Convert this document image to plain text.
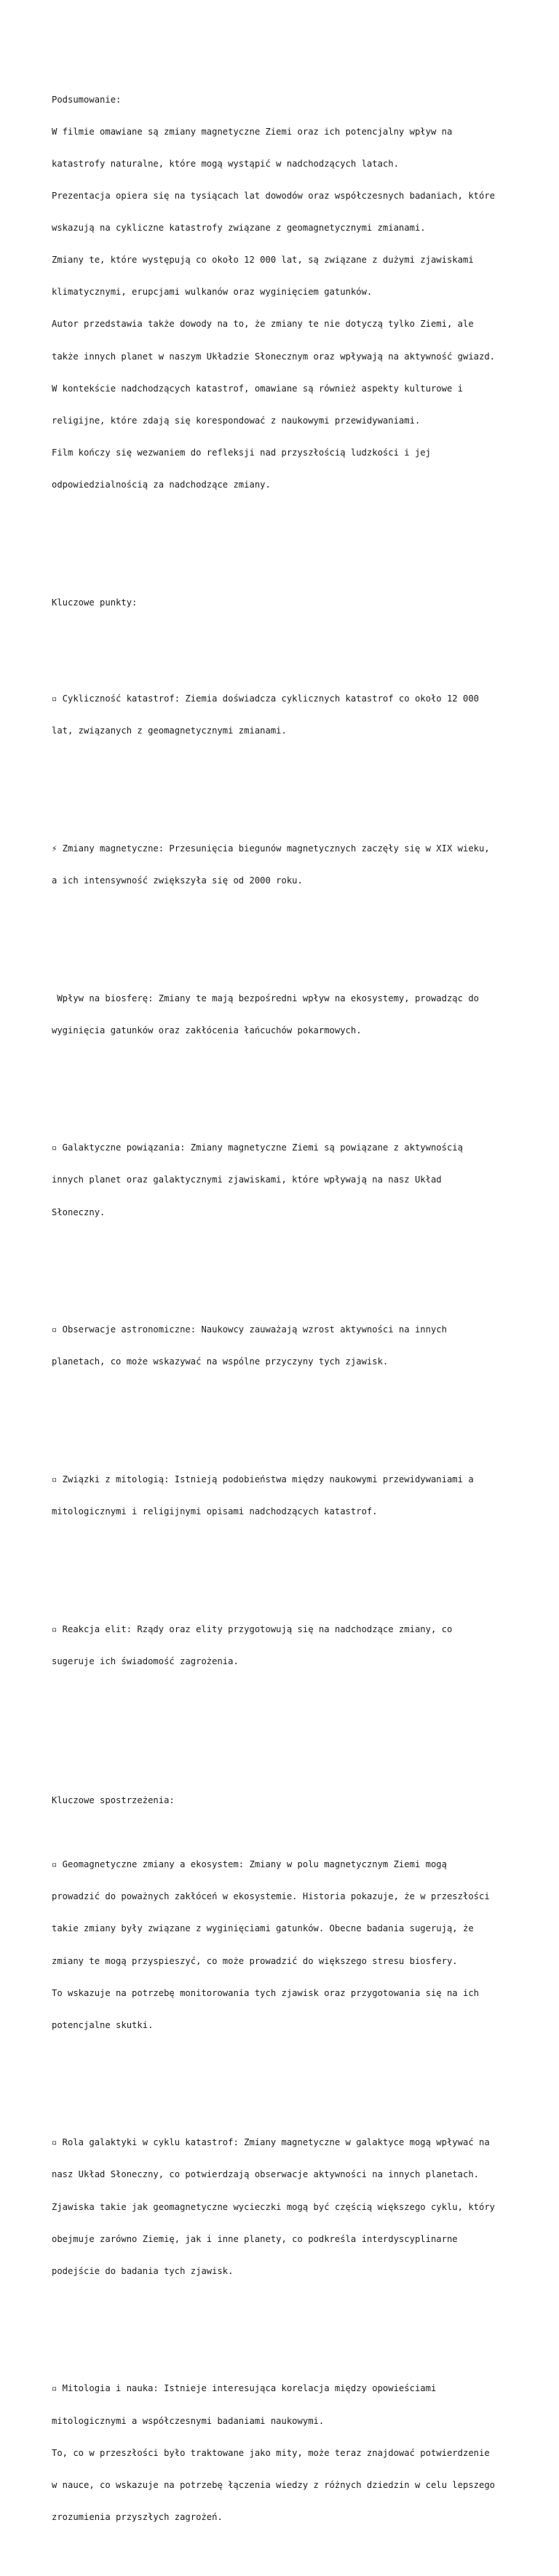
Podsumowanie:

W filmie omawiane są zmiany magnetyczne Ziemi oraz ich potencjalny wpływ na

katastrofy naturalne, które mogą wystąpić w nadchodzących latach.

Prezentacja opiera się na tysiącach lat dowodów oraz współczesnych badaniach, które

wskazują na cykliczne katastrofy związane z geomagnetycznymi zmianami.

Zmiany te, które występują co około 12 000 lat, są związane z dużymi zjawiskami

klimatycznymi, erupcjami wulkanów oraz wyginięciem gatunków.

Autor przedstawia także dowody na to, że zmiany te nie dotyczą tylko Ziemi, ale

także innych planet w naszym Układzie Słonecznym oraz wpływają na aktywność gwiazd.

W kontekście nadchodzących katastrof, omawiane są również aspekty kulturowe i

religijne, które zdają się korespondować z naukowymi przewidywaniami.

Film kończy się wezwaniem do refleksji nad przyszłością ludzkości i jej

odpowiedzialnością za nadchodzące zmiany.

Kluczowe punkty:

▫ Cykliczność katastrof: Ziemia doświadcza cyklicznych katastrof co około 12 000

lat, związanych z geomagnetycznymi zmianami.

⚡ Zmiany magnetyczne: Przesunięcia biegunów magnetycznych zaczęły się w XIX wieku,

a ich intensywność zwiększyła się od 2000 roku.

Wpływ na biosferę: Zmiany te mają bezpośredni wpływ na ekosystemy, prowadząc do

wyginięcia gatunków oraz zakłócenia łańcuchów pokarmowych.

▫ Galaktyczne powiązania: Zmiany magnetyczne Ziemi są powiązane z aktywnością

innych planet oraz galaktycznymi zjawiskami, które wpływają na nasz Układ

Słoneczny.

▫ Obserwacje astronomiczne: Naukowcy zauważają wzrost aktywności na innych

planetach, co może wskazywać na wspólne przyczyny tych zjawisk.

▫ Związki z mitologią: Istnieją podobieństwa między naukowymi przewidywaniami a

mitologicznymi i religijnymi opisami nadchodzących katastrof.

▫ Reakcja elit: Rządy oraz elity przygotowują się na nadchodzące zmiany, co

sugeruje ich świadomość zagrożenia.

Kluczowe spostrzeżenia:

▫ Geomagnetyczne zmiany a ekosystem: Zmiany w polu magnetycznym Ziemi mogą

prowadzić do poważnych zakłóceń w ekosystemie. Historia pokazuje, że w przeszłości

takie zmiany były związane z wyginięciami gatunków. Obecne badania sugerują, że

zmiany te mogą przyspieszyć, co może prowadzić do większego stresu biosfery.

To wskazuje na potrzebę monitorowania tych zjawisk oraz przygotowania się na ich

potencjalne skutki.

▫ Rola galaktyki w cyklu katastrof: Zmiany magnetyczne w galaktyce mogą wpływać na

nasz Układ Słoneczny, co potwierdzają obserwacje aktywności na innych planetach.

Zjawiska takie jak geomagnetyczne wycieczki mogą być częścią większego cyklu, który

obejmuje zarówno Ziemię, jak i inne planety, co podkreśla interdyscyplinarne

podejście do badania tych zjawisk.

▫ Mitologia i nauka: Istnieje interesująca korelacja między opowieściami

mitologicznymi a współczesnymi badaniami naukowymi.

To, co w przeszłości było traktowane jako mity, może teraz znajdować potwierdzenie

w nauce, co wskazuje na potrzebę łączenia wiedzy z różnych dziedzin w celu lepszego

zrozumienia przyszłych zagrożeń.
